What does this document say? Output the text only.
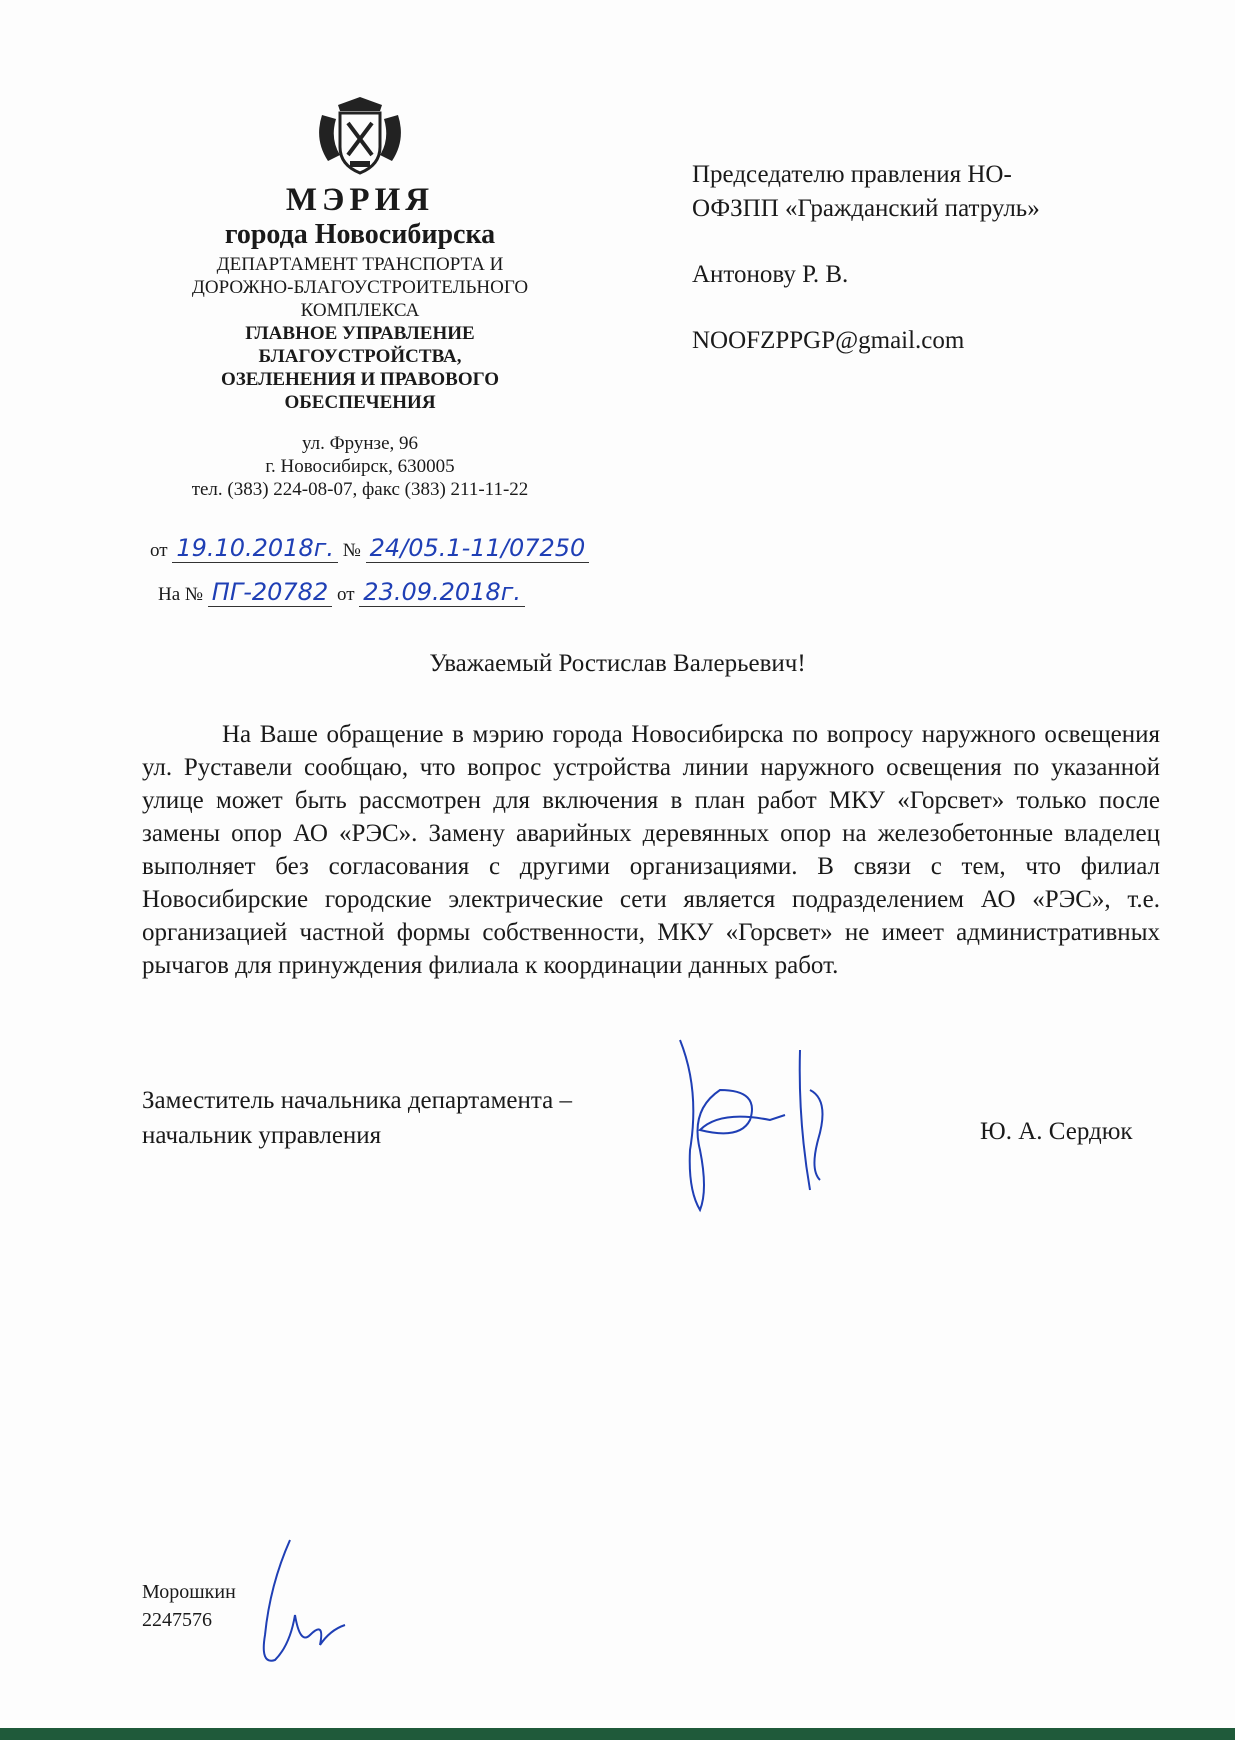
МЭРИЯ
города Новосибирска
ДЕПАРТАМЕНТ ТРАНСПОРТА И
ДОРОЖНО-БЛАГОУСТРОИТЕЛЬНОГО
КОМПЛЕКСА
ГЛАВНОЕ УПРАВЛЕНИЕ
БЛАГОУСТРОЙСТВА,
ОЗЕЛЕНЕНИЯ И ПРАВОВОГО
ОБЕСПЕЧЕНИЯ
ул. Фрунзе, 96
г. Новосибирск, 630005
тел. (383) 224-08-07, факс (383) 211-11-22
от 19.10.2018г. № 24/05.1-11/07250
На № ПГ-20782 от 23.09.2018г.

Председателю правления НО-
ОФЗПП «Гражданский патруль»

Антонову Р. В.

NOOFZPPGP@gmail.com

Уважаемый Ростислав Валерьевич!
На Ваше обращение в мэрию города Новосибирска по вопросу наружного освещения ул. Руставели сообщаю, что вопрос устройства линии наружного освещения по указанной улице может быть рассмотрен для включения в план работ МКУ «Горсвет» только после замены опор АО «РЭС». Замену аварийных деревянных опор на железобетонные владелец выполняет без согласования с другими организациями. В связи с тем, что филиал Новосибирские городские электрические сети является подразделением АО «РЭС», т.е. организацией частной формы собственности, МКУ «Горсвет» не имеет административных рычагов для принуждения филиала к координации данных работ.
Заместитель начальника департамента –
начальник управления	Ю. А. Сердюк
Морошкин
2247576
